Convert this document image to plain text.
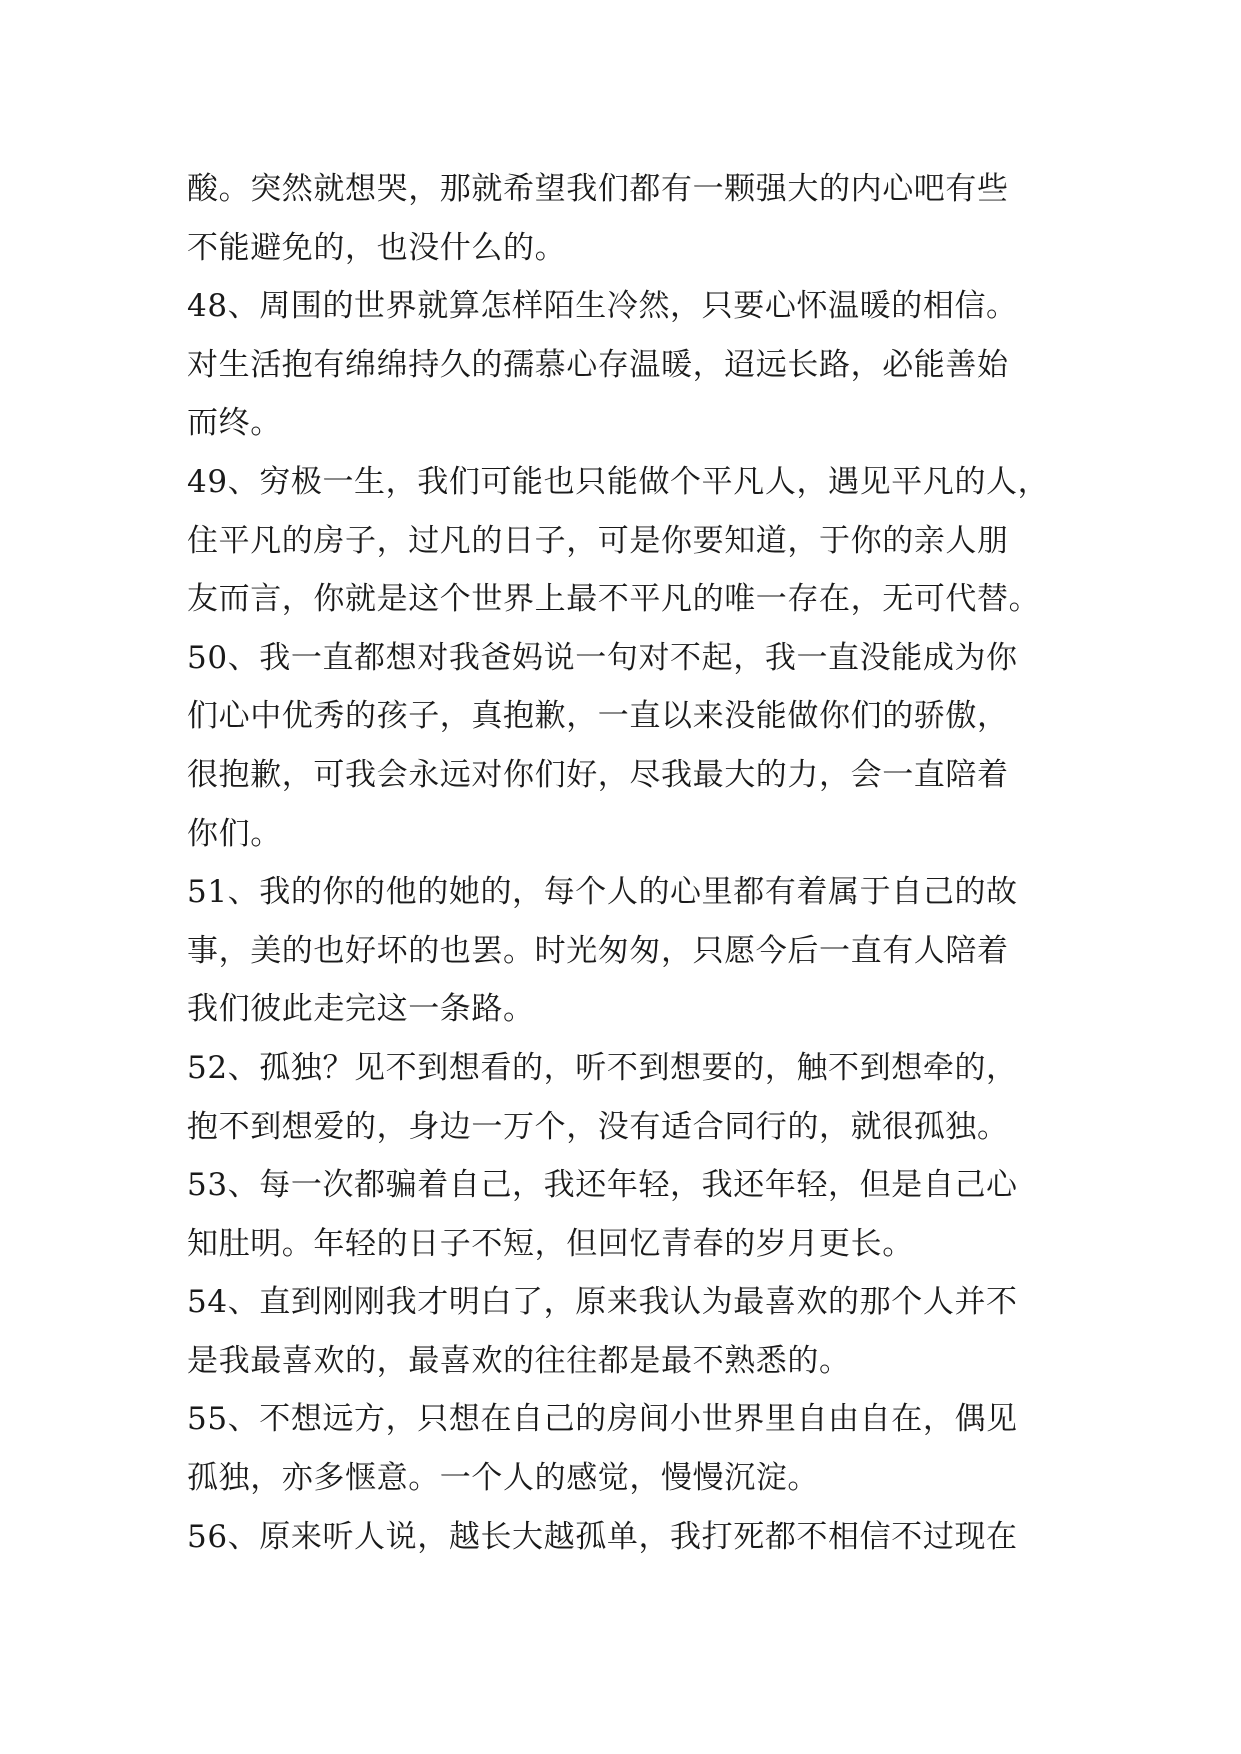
酸。突然就想哭，那就希望我们都有一颗强大的内心吧有些
不能避免的，也没什么的。
48、周围的世界就算怎样陌生冷然，只要心怀温暖的相信。
对生活抱有绵绵持久的孺慕心存温暖，迢远长路，必能善始
而终。
49、穷极一生，我们可能也只能做个平凡人，遇见平凡的人，
住平凡的房子，过凡的日子，可是你要知道，于你的亲人朋
友而言，你就是这个世界上最不平凡的唯一存在，无可代替。
50、我一直都想对我爸妈说一句对不起，我一直没能成为你
们心中优秀的孩子，真抱歉，一直以来没能做你们的骄傲，
很抱歉，可我会永远对你们好，尽我最大的力，会一直陪着
你们。
51、我的你的他的她的，每个人的心里都有着属于自己的故
事，美的也好坏的也罢。时光匆匆，只愿今后一直有人陪着
我们彼此走完这一条路。
52、孤独？见不到想看的，听不到想要的，触不到想牵的，
抱不到想爱的，身边一万个，没有适合同行的，就很孤独。
53、每一次都骗着自己，我还年轻，我还年轻，但是自己心
知肚明。年轻的日子不短，但回忆青春的岁月更长。
54、直到刚刚我才明白了，原来我认为最喜欢的那个人并不
是我最喜欢的，最喜欢的往往都是最不熟悉的。
55、不想远方，只想在自己的房间小世界里自由自在，偶见
孤独，亦多惬意。一个人的感觉，慢慢沉淀。
56、原来听人说，越长大越孤单，我打死都不相信不过现在
